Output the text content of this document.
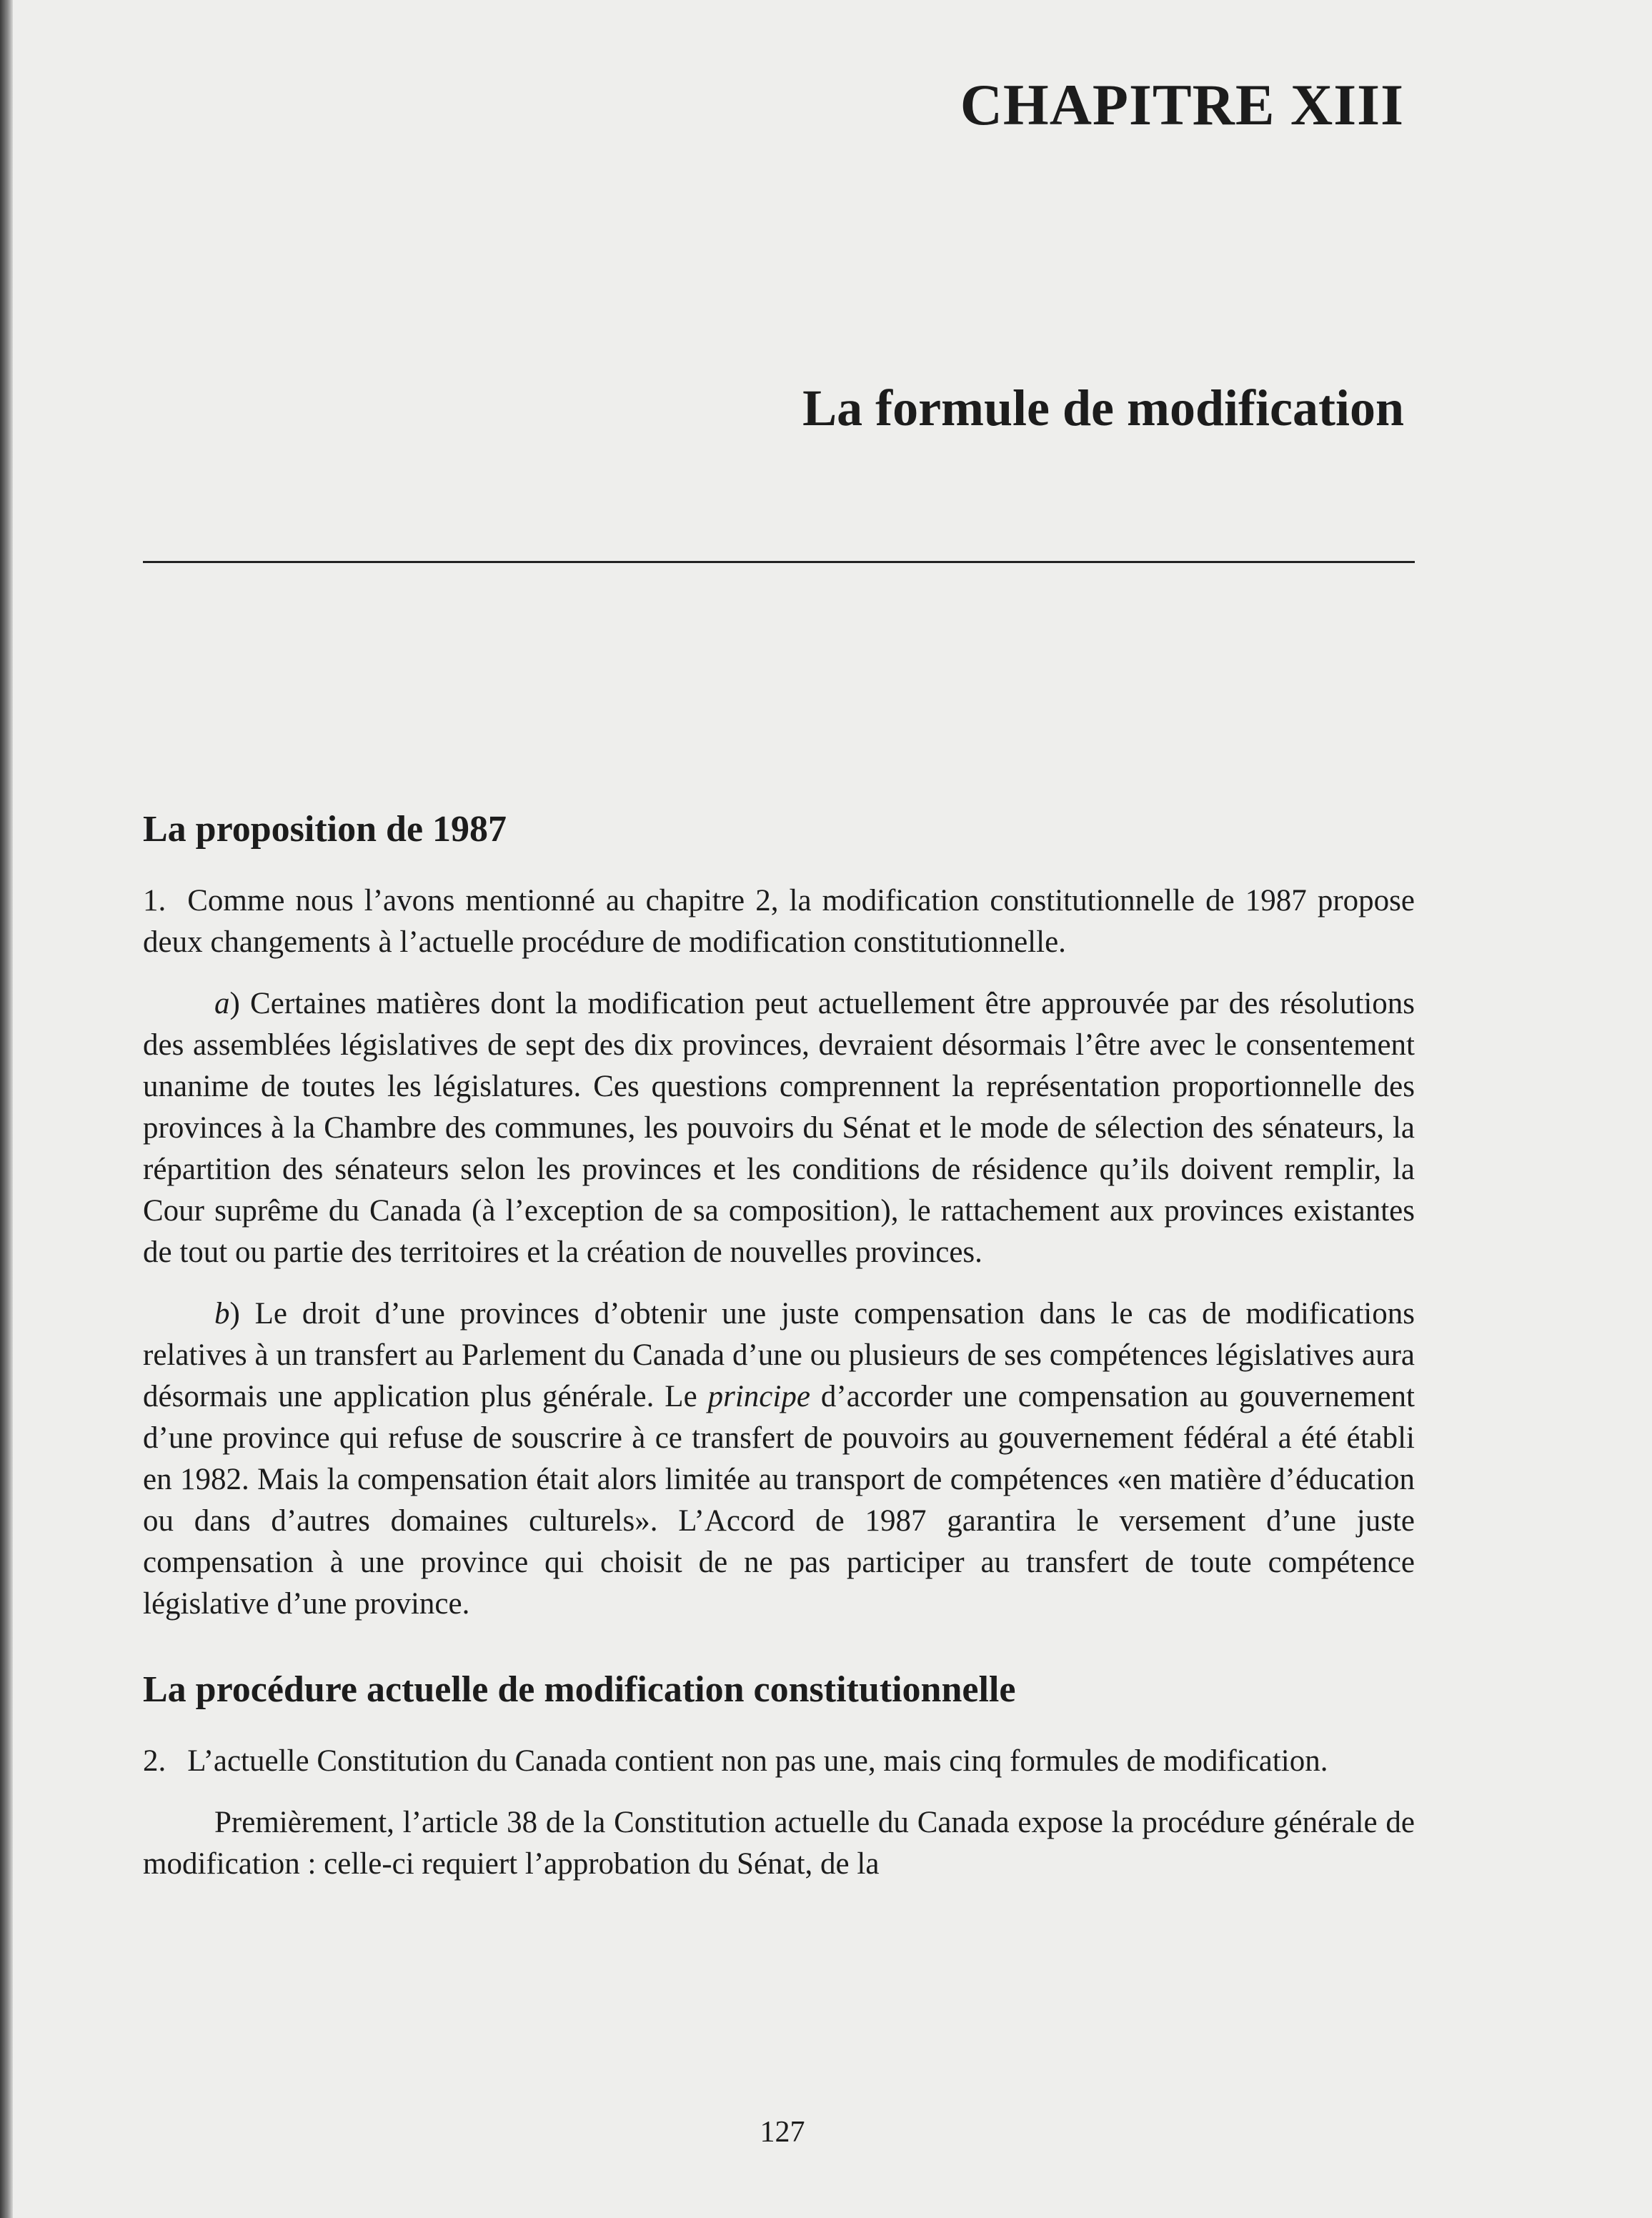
CHAPITRE XIII
La formule de modification
La proposition de 1987

1. Comme nous l’avons mentionné au chapitre 2, la modification constitutionnelle de 1987 propose deux changements à l’actuelle procédure de modification constitutionnelle.

a) Certaines matières dont la modification peut actuellement être approuvée par des résolutions des assemblées législatives de sept des dix provinces, devraient désormais l’être avec le consentement unanime de toutes les législatures. Ces questions comprennent la représentation proportionnelle des provinces à la Chambre des communes, les pouvoirs du Sénat et le mode de sélection des sénateurs, la répartition des sénateurs selon les provinces et les conditions de résidence qu’ils doivent remplir, la Cour suprême du Canada (à l’exception de sa composition), le rattachement aux provinces existantes de tout ou partie des territoires et la création de nouvelles provinces.

b) Le droit d’une provinces d’obtenir une juste compensation dans le cas de modifications relatives à un transfert au Parlement du Canada d’une ou plusieurs de ses compétences législatives aura désormais une application plus générale. Le principe d’accorder une compensation au gouvernement d’une province qui refuse de souscrire à ce transfert de pouvoirs au gouvernement fédéral a été établi en 1982. Mais la compensation était alors limitée au transport de compétences «en matière d’éducation ou dans d’autres domaines culturels». L’Accord de 1987 garantira le versement d’une juste compensation à une province qui choisit de ne pas participer au transfert de toute compétence législative d’une province.

La procédure actuelle de modification constitutionnelle

2. L’actuelle Constitution du Canada contient non pas une, mais cinq formules de modification.

Premièrement, l’article 38 de la Constitution actuelle du Canada expose la procédure générale de modification : celle-ci requiert l’approbation du Sénat, de la

127
